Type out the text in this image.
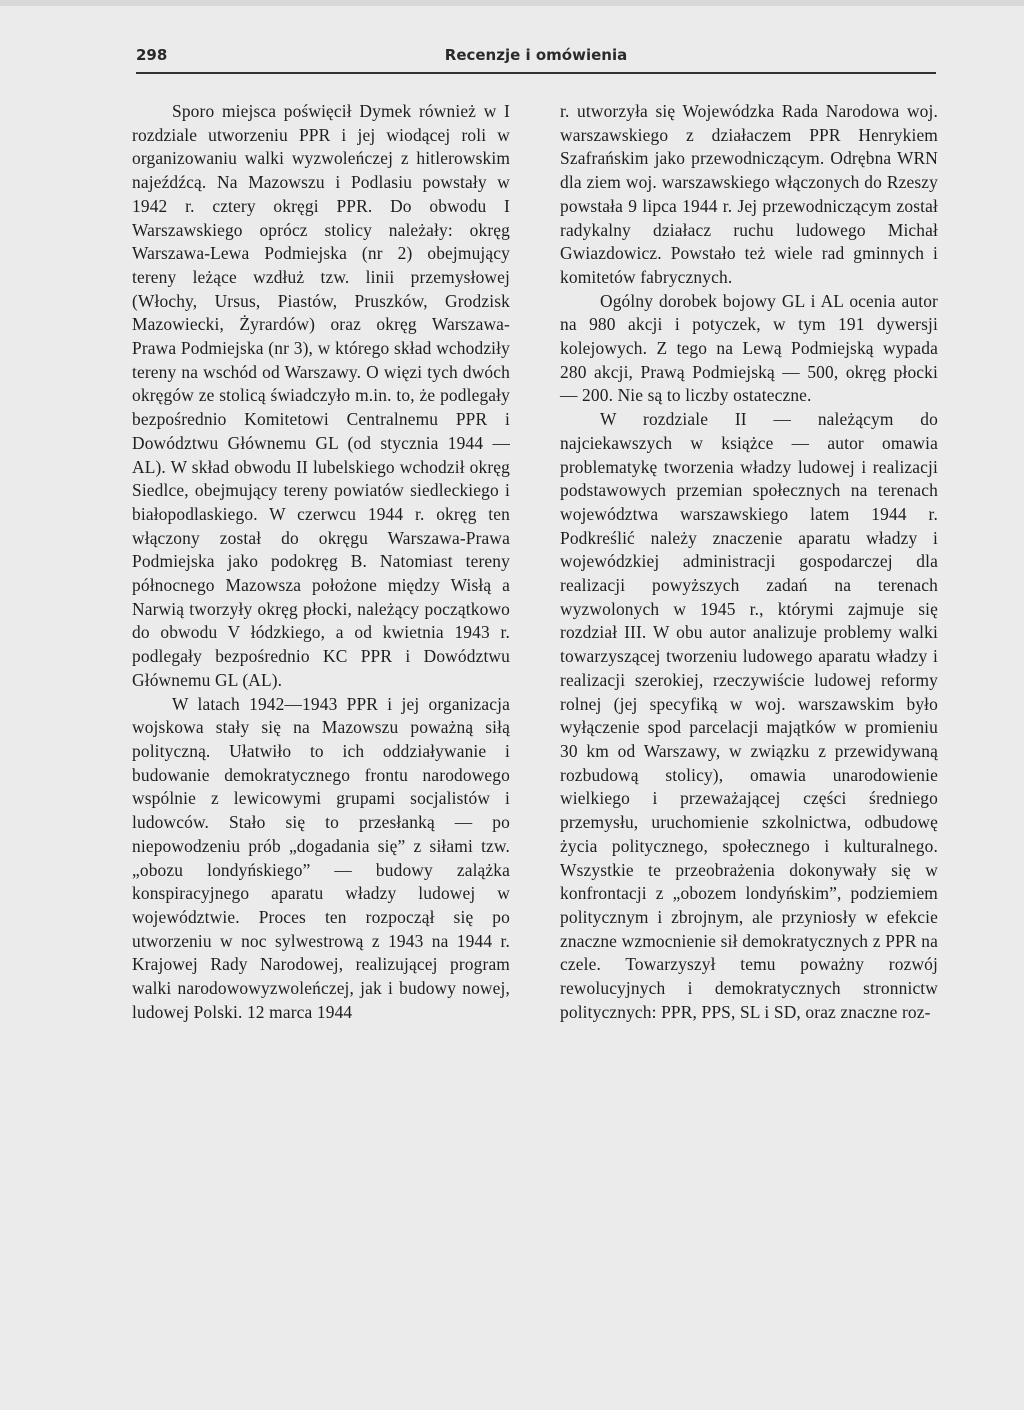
298	Recenzje i omówienia

Sporo miejsca poświęcił Dymek również w I rozdziale utworzeniu PPR i jej wiodącej roli w organizowaniu walki wyzwoleńczej z hitlerowskim najeźdźcą. Na Mazowszu i Podlasiu powstały w 1942 r. cztery okręgi PPR. Do obwodu I Warszawskiego oprócz stolicy należały: okręg Warszawa-Lewa Podmiejska (nr 2) obejmujący tereny leżące wzdłuż tzw. linii przemysłowej (Włochy, Ursus, Piastów, Pruszków, Grodzisk Mazowiecki, Żyrardów) oraz okręg Warszawa-Prawa Podmiejska (nr 3), w którego skład wchodziły tereny na wschód od Warszawy. O więzi tych dwóch okręgów ze stolicą świadczyło m.in. to, że podlegały bezpośrednio Komitetowi Centralnemu PPR i Dowództwu Głównemu GL (od stycznia 1944 — AL). W skład obwodu II lubelskiego wchodził okręg Siedlce, obejmujący tereny powiatów siedleckiego i białopodlaskiego. W czerwcu 1944 r. okręg ten włączony został do okręgu Warszawa-Prawa Podmiejska jako podokręg B. Natomiast tereny północnego Mazowsza położone między Wisłą a Narwią tworzyły okręg płocki, należący początkowo do obwodu V łódzkiego, a od kwietnia 1943 r. podlegały bezpośrednio KC PPR i Dowództwu Głównemu GL (AL).

W latach 1942—1943 PPR i jej organizacja wojskowa stały się na Mazowszu poważną siłą polityczną. Ułatwiło to ich oddziaływanie i budowanie demokratycznego frontu narodowego wspólnie z lewicowymi grupami socjalistów i ludowców. Stało się to przesłanką — po niepowodzeniu prób „dogadania się” z siłami tzw. „obozu londyńskiego” — budowy zalążka konspiracyjnego aparatu władzy ludowej w województwie. Proces ten rozpoczął się po utworzeniu w noc sylwestrową z 1943 na 1944 r. Krajowej Rady Narodowej, realizującej program walki narodowowyzwoleńczej, jak i budowy nowej, ludowej Polski. 12 marca 1944

r. utworzyła się Wojewódzka Rada Narodowa woj. warszawskiego z działaczem PPR Henrykiem Szafrańskim jako przewodniczącym. Odrębna WRN dla ziem woj. warszawskiego włączonych do Rzeszy powstała 9 lipca 1944 r. Jej przewodniczącym został radykalny działacz ruchu ludowego Michał Gwiazdowicz. Powstało też wiele rad gminnych i komitetów fabrycznych.

Ogólny dorobek bojowy GL i AL ocenia autor na 980 akcji i potyczek, w tym 191 dywersji kolejowych. Z tego na Lewą Podmiejską wypada 280 akcji, Prawą Podmiejską — 500, okręg płocki — 200. Nie są to liczby ostateczne.

W rozdziale II — należącym do najciekawszych w książce — autor omawia problematykę tworzenia władzy ludowej i realizacji podstawowych przemian społecznych na terenach województwa warszawskiego latem 1944 r. Podkreślić należy znaczenie aparatu władzy i wojewódzkiej administracji gospodarczej dla realizacji powyższych zadań na terenach wyzwolonych w 1945 r., którymi zajmuje się rozdział III. W obu autor analizuje problemy walki towarzyszącej tworzeniu ludowego aparatu władzy i realizacji szerokiej, rzeczywiście ludowej reformy rolnej (jej specyfiką w woj. warszawskim było wyłączenie spod parcelacji majątków w promieniu 30 km od Warszawy, w związku z przewidywaną rozbudową stolicy), omawia unarodowienie wielkiego i przeważającej części średniego przemysłu, uruchomienie szkolnictwa, odbudowę życia politycznego, społecznego i kulturalnego. Wszystkie te przeobrażenia dokonywały się w konfrontacji z „obozem londyńskim”, podziemiem politycznym i zbrojnym, ale przyniosły w efekcie znaczne wzmocnienie sił demokratycznych z PPR na czele. Towarzyszył temu poważny rozwój rewolucyjnych i demokratycznych stronnictw politycznych: PPR, PPS, SL i SD, oraz znaczne roz-
